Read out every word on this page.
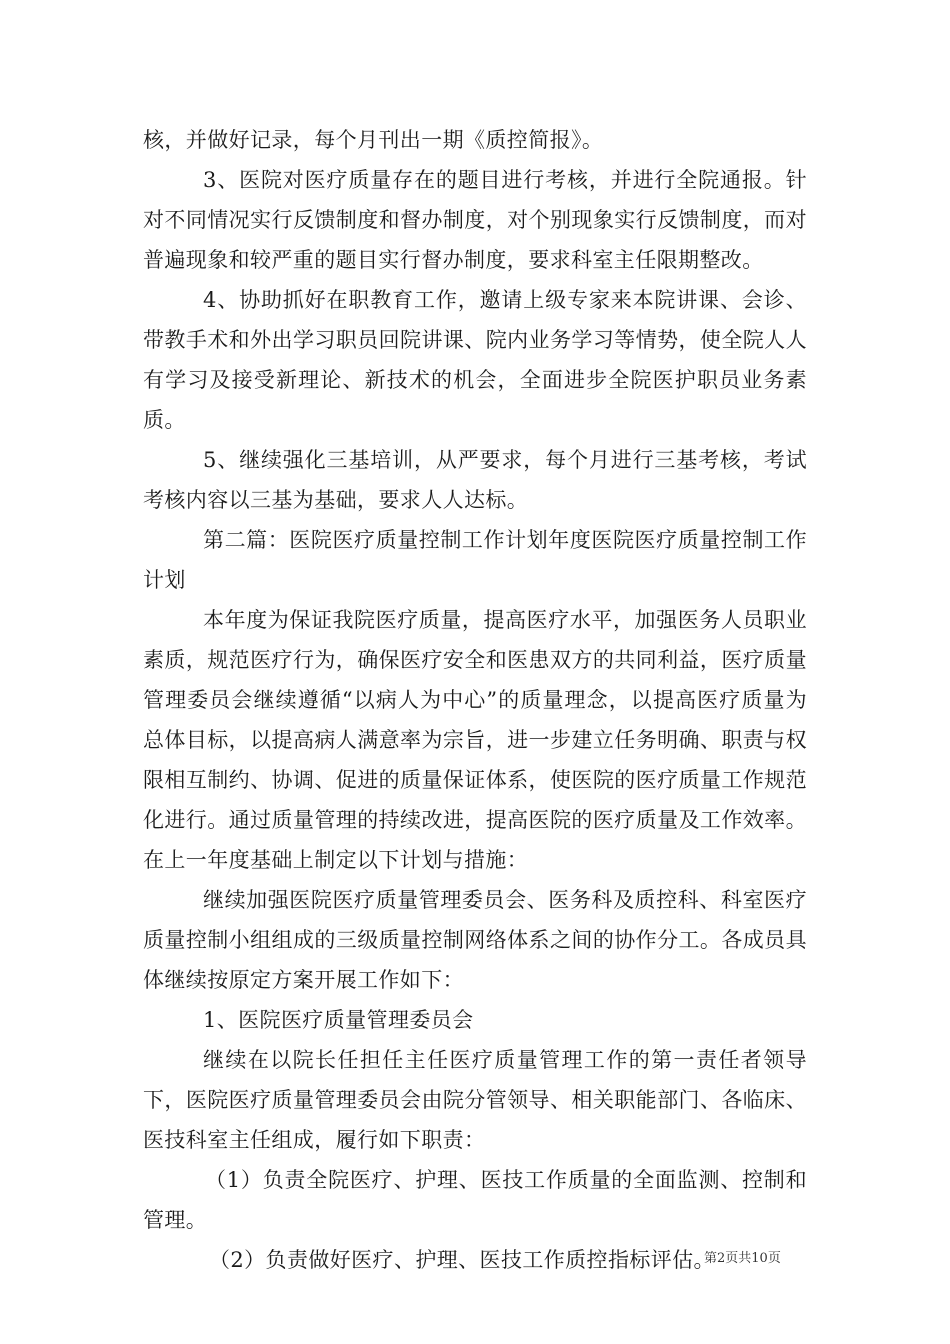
核，并做好记录，每个月刊出一期《质控简报》。

3、医院对医疗质量存在的题目进行考核，并进行全院通报。针对不同情况实行反馈制度和督办制度，对个别现象实行反馈制度，而对普遍现象和较严重的题目实行督办制度，要求科室主任限期整改。

4、协助抓好在职教育工作，邀请上级专家来本院讲课、会诊、带教手术和外出学习职员回院讲课、院内业务学习等情势，使全院人人有学习及接受新理论、新技术的机会，全面进步全院医护职员业务素质。

5、继续强化三基培训，从严要求，每个月进行三基考核，考试考核内容以三基为基础，要求人人达标。

第二篇：医院医疗质量控制工作计划年度医院医疗质量控制工作计划

本年度为保证我院医疗质量，提高医疗水平，加强医务人员职业素质，规范医疗行为，确保医疗安全和医患双方的共同利益，医疗质量管理委员会继续遵循“以病人为中心”的质量理念，以提高医疗质量为总体目标，以提高病人满意率为宗旨，进一步建立任务明确、职责与权限相互制约、协调、促进的质量保证体系，使医院的医疗质量工作规范化进行。通过质量管理的持续改进，提高医院的医疗质量及工作效率。在上一年度基础上制定以下计划与措施：

继续加强医院医疗质量管理委员会、医务科及质控科、科室医疗质量控制小组组成的三级质量控制网络体系之间的协作分工。各成员具体继续按原定方案开展工作如下：

1、医院医疗质量管理委员会

继续在以院长任担任主任医疗质量管理工作的第一责任者领导下，医院医疗质量管理委员会由院分管领导、相关职能部门、各临床、医技科室主任组成，履行如下职责：

（1）负责全院医疗、护理、医技工作质量的全面监测、控制和管理。

（2）负责做好医疗、护理、医技工作质控指标评估。

第2页共10页
